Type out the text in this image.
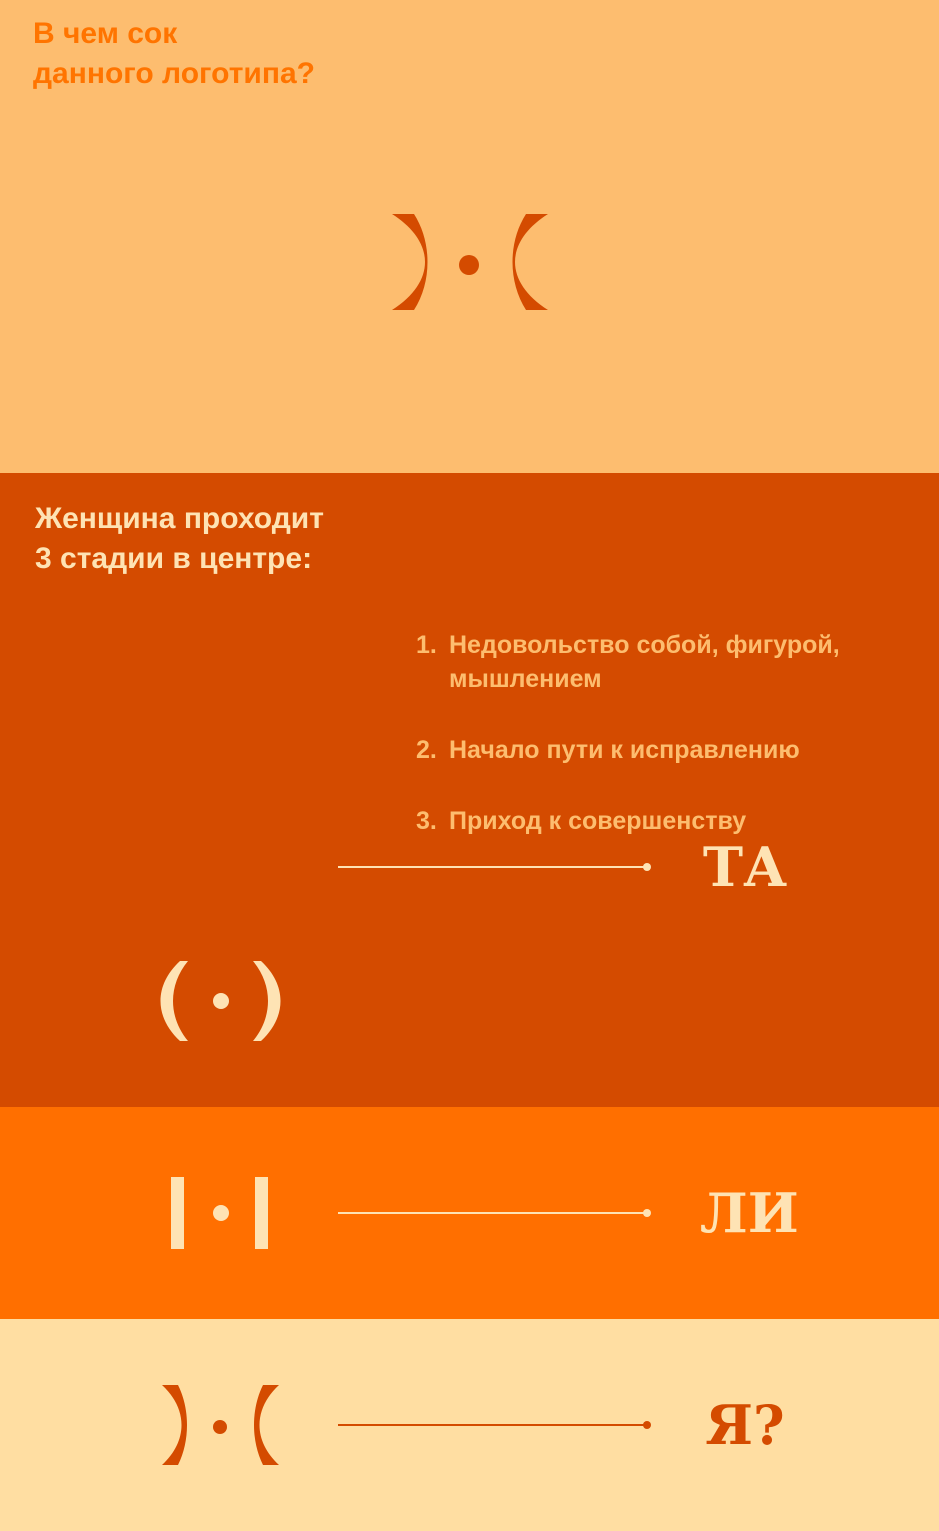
В чем сок
данного логотипа?
Женщина проходит
3 стадии в центре:
1. Недовольство собой, фигурой, мышлением
2. Начало пути к исправлению
3. Приход к совершенству
ТА
ЛИ
Я?
